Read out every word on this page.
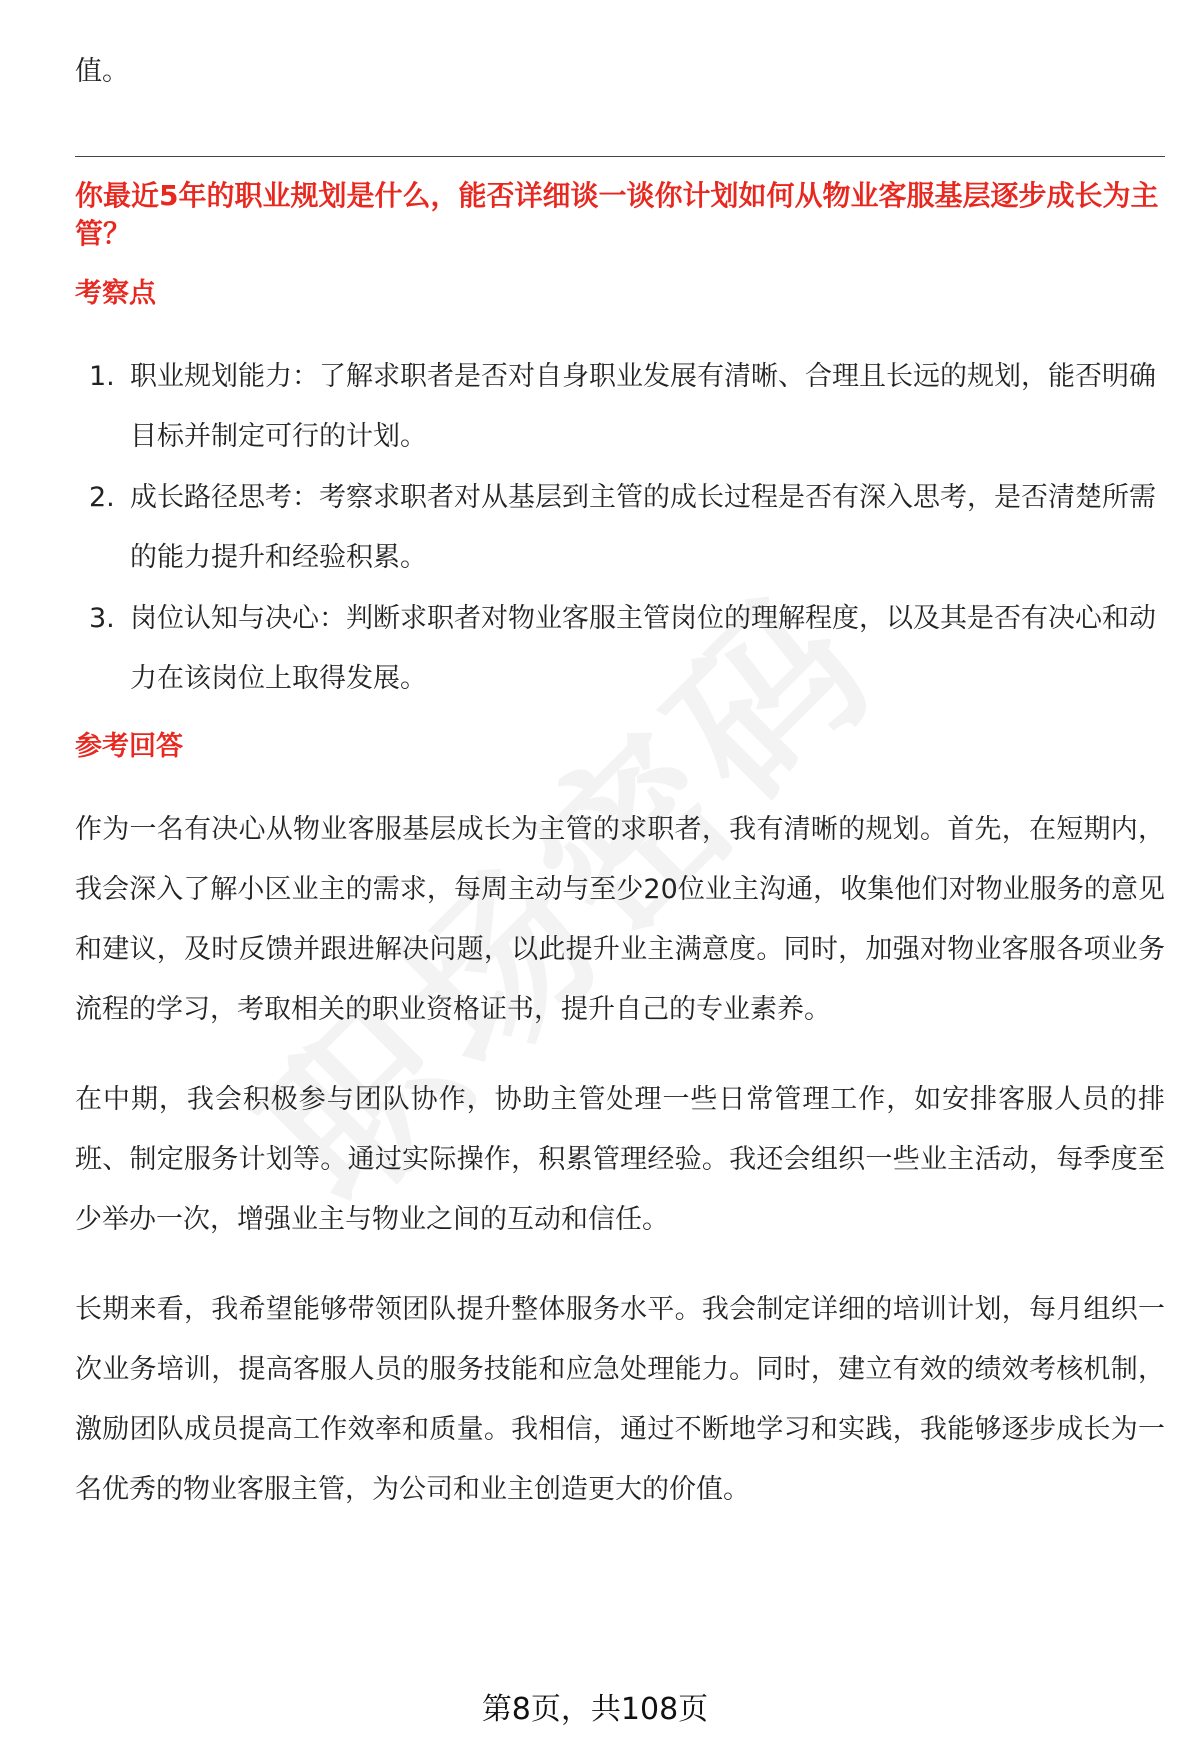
值。

你最近5年的职业规划是什么，能否详细谈一谈你计划如何从物业客服基层逐步成长为主管？
考察点
1. 职业规划能力：了解求职者是否对自身职业发展有清晰、合理且长远的规划，能否明确目标并制定可行的计划。
2. 成长路径思考：考察求职者对从基层到主管的成长过程是否有深入思考，是否清楚所需的能力提升和经验积累。
3. 岗位认知与决心：判断求职者对物业客服主管岗位的理解程度，以及其是否有决心和动力在该岗位上取得发展。
参考回答

作为一名有决心从物业客服基层成长为主管的求职者，我有清晰的规划。首先，在短期内，我会深入了解小区业主的需求，每周主动与至少20位业主沟通，收集他们对物业服务的意见和建议，及时反馈并跟进解决问题，以此提升业主满意度。同时，加强对物业客服各项业务流程的学习，考取相关的职业资格证书，提升自己的专业素养。

在中期，我会积极参与团队协作，协助主管处理一些日常管理工作，如安排客服人员的排班、制定服务计划等。通过实际操作，积累管理经验。我还会组织一些业主活动，每季度至少举办一次，增强业主与物业之间的互动和信任。

长期来看，我希望能够带领团队提升整体服务水平。我会制定详细的培训计划，每月组织一次业务培训，提高客服人员的服务技能和应急处理能力。同时，建立有效的绩效考核机制，激励团队成员提高工作效率和质量。我相信，通过不断地学习和实践，我能够逐步成长为一名优秀的物业客服主管，为公司和业主创造更大的价值。

第8页，共108页
